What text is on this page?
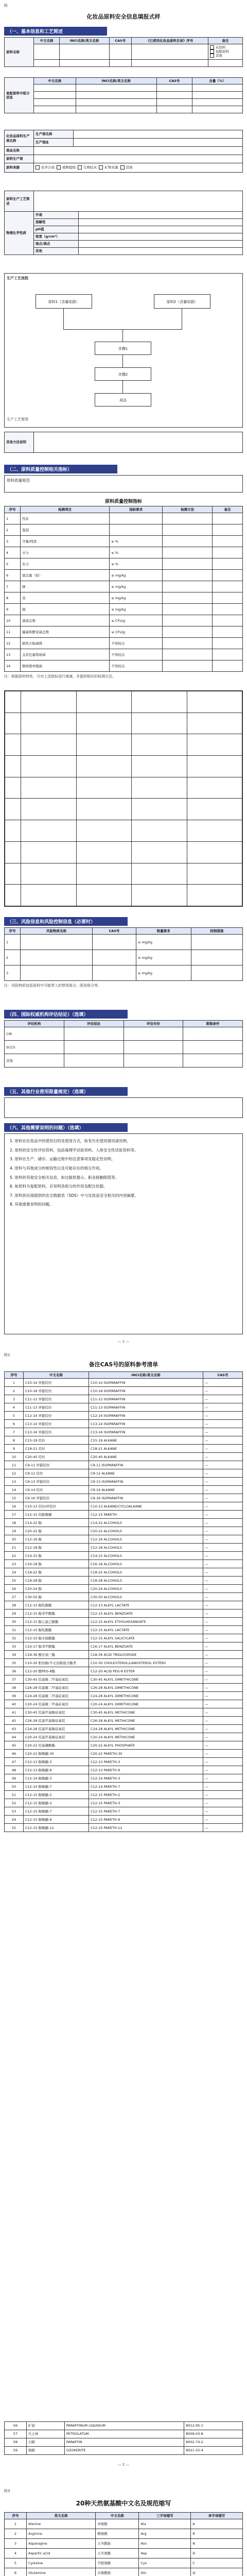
附
化妆品原料安全信息填报式样
（一、基本信息和工艺简述
原料名称	中文名称	INCI名称/英文名称	CAS号	《已使用化妆品原料目录》序号	备注

					从原料
复配原料
其他

复配原料中组分信息	中文名称	INCI名称/英文名称	CAS号	含量（%）

化妆品原料生产商名称	生产商名称	
	生产地址	
商品名称		
原料生产商		
原料来源	化学合成 植物提取 生物技术 矿物来源 其他	
原料生产工艺简述		
物理化学性质	外观	
	溶解性	
	pH值	
	密度（g/cm³）	
	熔点/沸点	
	其他	
生产工艺流程
原料1（含量依据）	原料2（含量依据）
步骤1
步骤2
成品
生产工艺简图
其他方法说明	
（二、原料质量控制相关指标）
原料质量规范
原料质量控制指标
序号	检测项目	指标要求	检测方法	备注
1	性状			
2	鉴别			
3	含量/纯度	≥ %		
4	水分	≤ %		
5	灰分	≤ %		
6	重金属（铅）	≤ mg/kg		
7	砷	≤ mg/kg		
8	汞	≤ mg/kg		
9	镉	≤ mg/kg		
10	菌落总数	≤ CFU/g		
11	霉菌和酵母菌总数	≤ CFU/g		
12	耐热大肠菌群	不得检出		
13	金黄色葡萄球菌	不得检出		
14	铜绿假单胞菌	不得检出		
注：根据原料特性，可对上述指标进行增减，并提供相应的检测方法。

（三、风险信息和风险控制信息（必要时）
序号	风险物质名称	CAS号	限量要求	控制措施
1			≤ mg/kg	
2			≤ mg/kg	
3			≤ mg/kg	
注：风险物质包括原料中可能带入的禁用组分、限用组分等。
（四、国际权威机构评估结论）（选填）
评估机构	评估结论	评估年份	限制条件
CIR			
SCCS			
其他			
（五、其他行业使用限量规定）（选填）
（六、其他需要说明的问题）（选填）

1. 原料在化妆品中的使用目的及使用方式，如有历史使用情况请说明。

2. 原料的安全性评估资料，包括毒理学试验资料、人体安全性试验资料等。

3. 原料在生产、储存、运输过程中的注意事项及稳定性说明。

4. 原料与其他成分的相容性以及可能存在的相互作用。

5. 原料的其他安全相关信息，如过敏原提示、职业接触限值等。

6. 如原料为复配原料，应说明各组分的作用及配比依据。

7. 原料供应商提供的安全数据表（SDS）中与化妆品安全相关的内容摘要。

8. 其他需要说明的问题。

— 1 —
附2
备注CAS号的原料参考清单
序号	中文名称	INCI名称/英文名称	CAS号
1	C10-14 异链烷烃	C10-14 ISOPARAFFIN	—
2	C10-18 异链烷烃	C10-18 ISOPARAFFIN	—
3	C11-12 异链烷烃	C11-12 ISOPARAFFIN	—
4	C11-13 异链烷烃	C11-13 ISOPARAFFIN	—
5	C12-14 异链烷烃	C12-14 ISOPARAFFIN	—
6	C13-14 异链烷烃	C13-14 ISOPARAFFIN	—
7	C13-16 异链烷烃	C13-16 ISOPARAFFIN	—
8	C15-19 烷烃	C15-19 ALKANE	—
9	C18-21 烷烃	C18-21 ALKANE	—
10	C20-40 烷烃	C20-40 ALKANE	—
11	C9-11 异链烷烃	C9-11 ISOPARAFFIN	—
12	C9-12 烷烃	C9-12 ALKANE	—
13	C9-13 异链烷烃	C9-13 ISOPARAFFIN	—
14	C9-14 烷烃	C9-14 ALKANE	—
15	C9-16 异链烷烃	C9-16 ISOPARAFFIN	—
16	C10-13 烷烃/环烷烃	C10-13 ALKANE/CYCLOALKANE	—
17	C12-15 烷醇聚醚	C12-15 PARETH	—
18	C14-22 醇	C14-22 ALCOHOLS	—
19	C20-22 醇	C20-22 ALCOHOLS	—
20	C12-16 醇	C12-16 ALCOHOLS	—
21	C12-18 醇	C12-18 ALCOHOLS	—
22	C14-15 醇	C14-15 ALCOHOLS	—
23	C16-18 醇	C16-18 ALCOHOLS	—
24	C18-22 醇	C18-22 ALCOHOLS	—
25	C18-28 醇	C18-28 ALCOHOLS	—
26	C20-24 醇	C20-24 ALCOHOLS	—
27	C30-50 醇	C30-50 ALCOHOLS	—
28	C12-13 醇乳酸酯	C12-13 ALKYL LACTATE	—
29	C12-15 醇苯甲酸酯	C12-15 ALKYL BENZOATE	—
30	C12-15 醇乙基己酸酯	C12-15 ALKYL ETHYLHEXANOATE	—
31	C12-15 醇乳酸酯	C12-15 ALKYL LACTATE	—
32	C12-15 醇水杨酸酯	C12-15 ALKYL SALICYLATE	—
33	C16-17 醇苯甲酸酯	C16-17 ALKYL BENZOATE	—
34	C18-36 酸甘油三酯	C18-36 ACID TRIGLYCERIDE	—
35	C10-30 胆甾醇/羊毛甾醇混合酯类	C10-30 CHOLESTEROL/LANOSTEROL ESTERS	—
36	C12-20 酸PEG-8酯	C12-20 ACID PEG-8 ESTER	—
37	C30-45 烷基聚二甲基硅氧烷	C30-45 ALKYL DIMETHICONE	—
38	C26-28 烷基聚二甲基硅氧烷	C26-28 ALKYL DIMETHICONE	—
39	C24-28 烷基聚二甲基硅氧烷	C24-28 ALKYL DIMETHICONE	—
40	C20-24 烷基聚二甲基硅氧烷	C20-24 ALKYL DIMETHICONE	—
41	C30-45 烷基甲基聚硅氧烷	C30-45 ALKYL METHICONE	—
42	C26-28 烷基甲基聚硅氧烷	C26-28 ALKYL METHICONE	—
43	C24-28 烷基甲基聚硅氧烷	C24-28 ALKYL METHICONE	—
44	C20-24 烷基甲基聚硅氧烷	C20-24 ALKYL METHICONE	—
45	C20-22 烷基磷酸酯	C20-22 ALKYL PHOSPHATE	—
46	C20-22 醇聚醚-30	C20-22 PARETH-30	—
47	C12-13 醇聚醚-3	C12-13 PARETH-3	—
48	C12-13 醇聚醚-9	C12-13 PARETH-9	—
49	C12-14 醇聚醚-3	C12-14 PARETH-3	—
50	C12-14 醇聚醚-7	C12-14 PARETH-7	—
51	C12-15 醇聚醚-2	C12-15 PARETH-2	—
52	C12-15 醇聚醚-3	C12-15 PARETH-3	—
53	C12-15 醇聚醚-7	C12-15 PARETH-7	—
54	C12-15 醇聚醚-9	C12-15 PARETH-9	—
55	C12-15 醇聚醚-12	C12-15 PARETH-12	—
56	矿油	PARAFFINUM LIQUIDUM	8012-95-1
57	凡士林	PETROLATUM	8009-03-8
58	石蜡	PARAFFIN	8002-74-2
59	地蜡	OZOKERITE	8021-55-4
— 2 —
附3
20种天然氨基酸中文名及规范缩写
序号	英文名称	中文名称	三字母缩写	单字母缩写
1	Alanine	丙氨酸	Ala	A
2	Arginine	精氨酸	Arg	R
3	Asparagine	天冬酰胺	Asn	N
4	Aspartic acid	天冬氨酸	Asp	D
5	Cysteine	半胱氨酸	Cys	C
6	Glutamine	谷氨酰胺	Gln	Q
